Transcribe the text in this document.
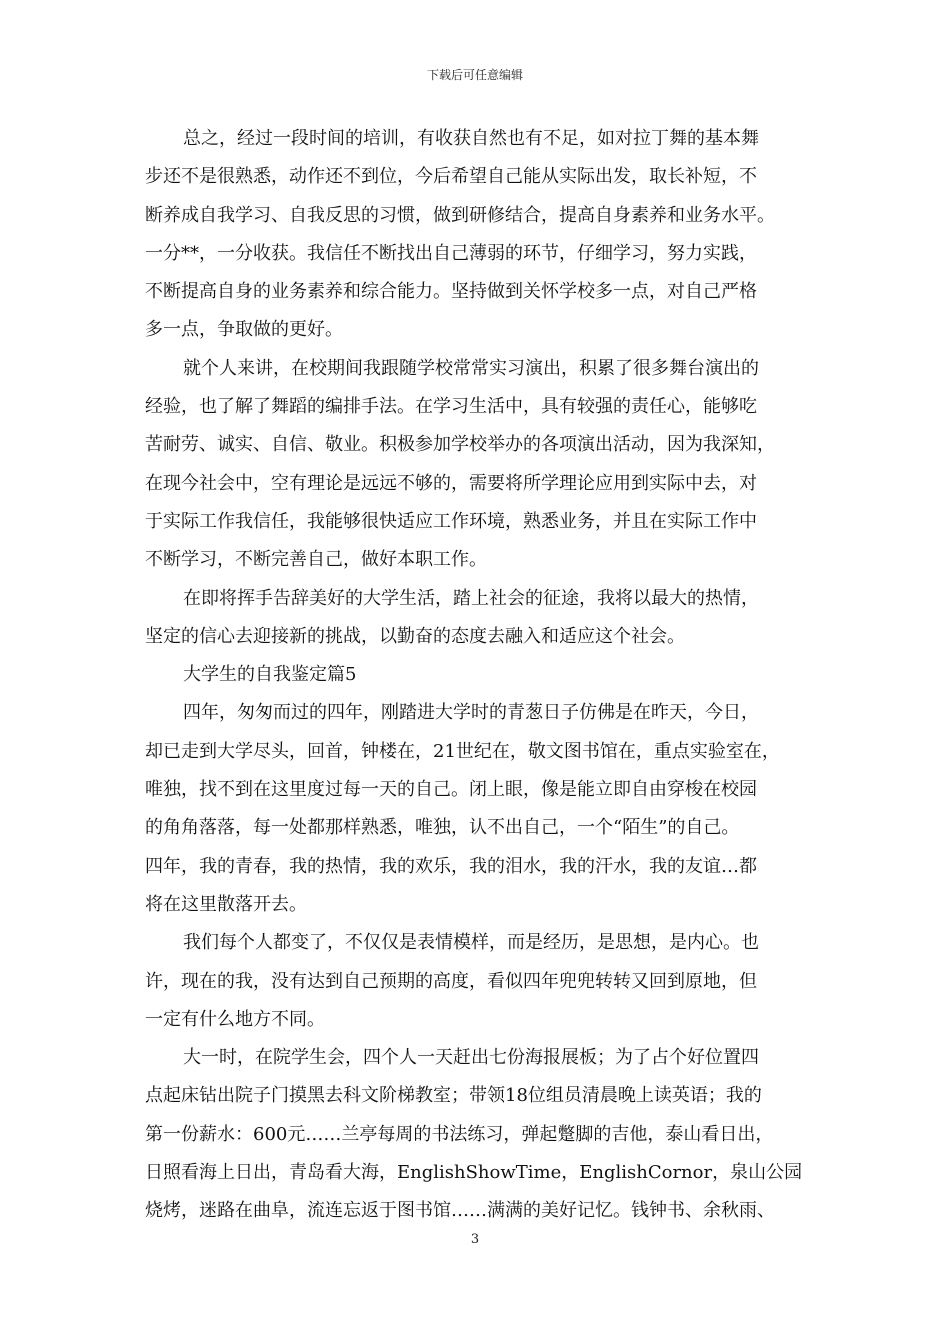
下载后可任意编辑

总之，经过一段时间的培训，有收获自然也有不足，如对拉丁舞的基本舞
步还不是很熟悉，动作还不到位，今后希望自己能从实际出发，取长补短，不
断养成自我学习、自我反思的习惯，做到研修结合，提高自身素养和业务水平。
一分**，一分收获。我信任不断找出自己薄弱的环节，仔细学习，努力实践，
不断提高自身的业务素养和综合能力。坚持做到关怀学校多一点，对自己严格
多一点，争取做的更好。

就个人来讲，在校期间我跟随学校常常实习演出，积累了很多舞台演出的
经验，也了解了舞蹈的编排手法。在学习生活中，具有较强的责任心，能够吃
苦耐劳、诚实、自信、敬业。积极参加学校举办的各项演出活动，因为我深知，
在现今社会中，空有理论是远远不够的，需要将所学理论应用到实际中去，对
于实际工作我信任，我能够很快适应工作环境，熟悉业务，并且在实际工作中
不断学习，不断完善自己，做好本职工作。

在即将挥手告辞美好的大学生活，踏上社会的征途，我将以最大的热情，
坚定的信心去迎接新的挑战，以勤奋的态度去融入和适应这个社会。

大学生的自我鉴定篇5

四年，匆匆而过的四年，刚踏进大学时的青葱日子仿佛是在昨天，今日，
却已走到大学尽头，回首，钟楼在，21世纪在，敬文图书馆在，重点实验室在，
唯独，找不到在这里度过每一天的自己。闭上眼，像是能立即自由穿梭在校园
的角角落落，每一处都那样熟悉，唯独，认不出自己，一个“陌生”的自己。
四年，我的青春，我的热情，我的欢乐，我的泪水，我的汗水，我的友谊…都
将在这里散落开去。

我们每个人都变了，不仅仅是表情模样，而是经历，是思想，是内心。也
许，现在的我，没有达到自己预期的高度，看似四年兜兜转转又回到原地，但
一定有什么地方不同。

大一时，在院学生会，四个人一天赶出七份海报展板；为了占个好位置四
点起床钻出院子门摸黑去科文阶梯教室；带领18位组员清晨晚上读英语；我的
第一份薪水：600元……兰亭每周的书法练习，弹起蹩脚的吉他，泰山看日出，
日照看海上日出，青岛看大海，EnglishShowTime，EnglishCornor，泉山公园
烧烤，迷路在曲阜，流连忘返于图书馆……满满的美好记忆。钱钟书、余秋雨、

3
